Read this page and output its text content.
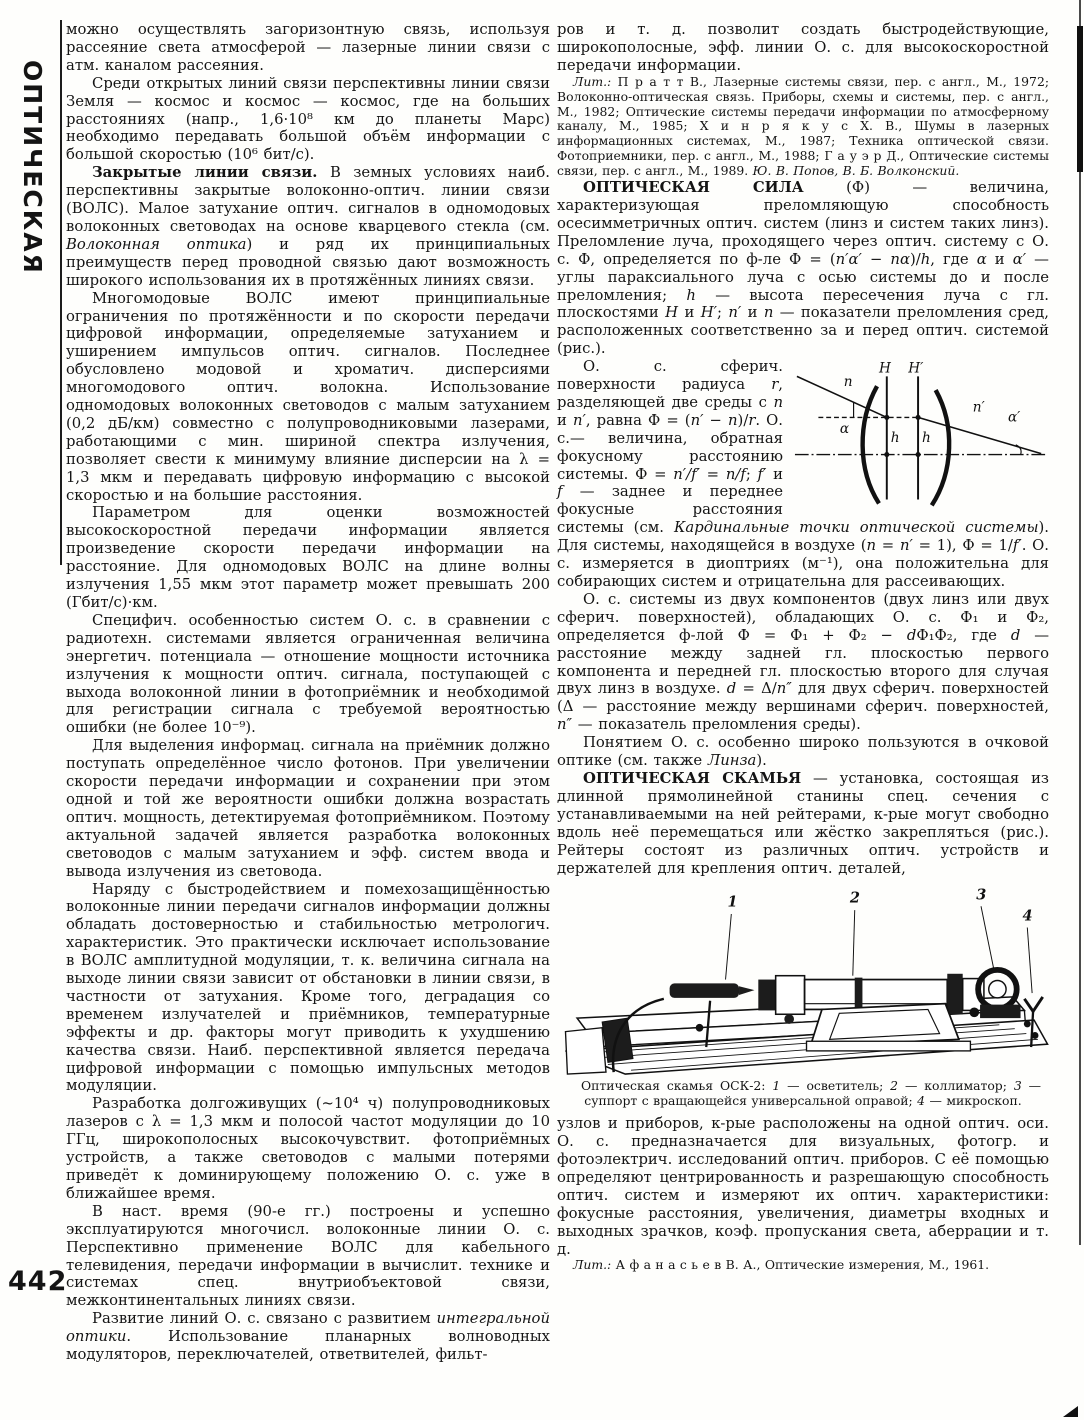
ОПТИЧЕСКАЯ
442

можно осуществлять загоризонтную связь, используя рассеяние света атмосферой — лазерные линии связи с атм. каналом рассеяния.

Среди открытых линий связи перспективны линии связи Земля — космос и космос — космос, где на больших расстояниях (напр., 1,6·10⁸ км до планеты Марс) необходимо передавать большой объём информации с большой скоростью (10⁶ бит/с).

Закрытые линии связи. В земных условиях наиб. перспективны закрытые волоконно-оптич. линии связи (ВОЛС). Малое затухание оптич. сигналов в одномодовых волоконных световодах на основе кварцевого стекла (см. Волоконная оптика) и ряд их принципиальных преимуществ перед проводной связью дают возможность широкого использования их в протяжённых линиях связи.

Многомодовые ВОЛС имеют принципиальные ограничения по протяжённости и по скорости передачи цифровой информации, определяемые затуханием и уширением импульсов оптич. сигналов. Последнее обусловлено модовой и хроматич. дисперсиями многомодового оптич. волокна. Использование одномодовых волоконных световодов с малым затуханием (0,2 дБ/км) совместно с полупроводниковыми лазерами, работающими с мин. шириной спектра излучения, позволяет свести к минимуму влияние дисперсии на λ = 1,3 мкм и передавать цифровую информацию с высокой скоростью и на большие расстояния.

Параметром для оценки возможностей высокоскоростной передачи информации является произведение скорости передачи информации на расстояние. Для одномодовых ВОЛС на длине волны излучения 1,55 мкм этот параметр может превышать 200 (Гбит/с)·км.

Специфич. особенностью систем О. с. в сравнении с радиотехн. системами является ограниченная величина энергетич. потенциала — отношение мощности источника излучения к мощности оптич. сигнала, поступающей с выхода волоконной линии в фотоприёмник и необходимой для регистрации сигнала с требуемой вероятностью ошибки (не более 10⁻⁹).

Для выделения информац. сигнала на приёмник должно поступать определённое число фотонов. При увеличении скорости передачи информации и сохранении при этом одной и той же вероятности ошибки должна возрастать оптич. мощность, детектируемая фотоприёмником. Поэтому актуальной задачей является разработка волоконных световодов с малым затуханием и эфф. систем ввода и вывода излучения из световода.

Наряду с быстродействием и помехозащищённостью волоконные линии передачи сигналов информации должны обладать достоверностью и стабильностью метрологич. характеристик. Это практически исключает использование в ВОЛС амплитудной модуляции, т. к. величина сигнала на выходе линии связи зависит от обстановки в линии связи, в частности от затухания. Кроме того, деградация со временем излучателей и приёмников, температурные эффекты и др. факторы могут приводить к ухудшению качества связи. Наиб. перспективной является передача цифровой информации с помощью импульсных методов модуляции.

Разработка долгоживущих (~10⁴ ч) полупроводниковых лазеров с λ = 1,3 мкм и полосой частот модуляции до 10 ГГц, широкополосных высокочувствит. фотоприёмных устройств, а также световодов с малыми потерями приведёт к доминирующему положению О. с. уже в ближайшее время.

В наст. время (90-е гг.) построены и успешно эксплуатируются многочисл. волоконные линии О. с. Перспективно применение ВОЛС для кабельного телевидения, передачи информации в вычислит. технике и системах спец. внутриобъектовой связи, межконтинентальных линиях связи.

Развитие линий О. с. связано с развитием интегральной оптики. Использование планарных волноводных модуляторов, переключателей, ответвителей, фильт-

ров и т. д. позволит создать быстродействующие, широкополосные, эфф. линии О. с. для высокоскоростной передачи информации.

Лит.: П р а т т В., Лазерные системы связи, пер. с англ., М., 1972; Волоконно-оптическая связь. Приборы, схемы и системы, пер. с англ., М., 1982; Оптические системы передачи информации по атмосферному каналу, М., 1985; Х и н р я к у с Х. В., Шумы в лазерных информационных системах, М., 1987; Техника оптической связи. Фотоприемники, пер. с англ., М., 1988; Г а у э р Д., Оптические системы связи, пер. с англ., М., 1989. Ю. В. Попов, В. Б. Волконский.

ОПТИЧЕСКАЯ СИЛА (Ф) — величина, характеризующая преломляющую способность осесимметричных оптич. систем (линз и систем таких линз). Преломление луча, проходящего через оптич. систему с О. с. Ф, определяется по ф-ле Ф = (n′α′ − nα)/h, где α и α′ — углы параксиального луча с осью системы до и после преломления; h — высота пересечения луча с гл. плоскостями H и H′; n′ и n — показатели преломления сред, расположенных соответственно за и перед оптич. системой (рис.).

n
H H′
α
h h
n′
α′
О. с. сферич. поверхности радиуса r, разделяющей две среды с n и n′, равна Ф = (n′ − n)/r. О. с.— величина, обратная фокусному расстоянию системы. Ф = n′/f′ = n/f; f′ и f — заднее и переднее фокусные расстояния системы (см. Кардинальные точки оптической системы). Для системы, находящейся в воздухе (n = n′ = 1), Ф = 1/f′. О. с. измеряется в диоптриях (м⁻¹), она положительна для собирающих систем и отрицательна для рассеивающих.

О. с. системы из двух компонентов (двух линз или двух сферич. поверхностей), обладающих О. с. Ф₁ и Ф₂, определяется ф-лой Ф = Ф₁ + Ф₂ − dФ₁Ф₂, где d — расстояние между задней гл. плоскостью первого компонента и передней гл. плоскостью второго для случая двух линз в воздухе. d = Δ/n″ для двух сферич. поверхностей (Δ — расстояние между вершинами сферич. поверхностей, n″ — показатель преломления среды).

Понятием О. с. особенно широко пользуются в очковой оптике (см. также Линза).

ОПТИЧЕСКАЯ СКАМЬЯ — установка, состоящая из длинной прямолинейной станины спец. сечения с устанавливаемыми на ней рейтерами, к-рые могут свободно вдоль неё перемещаться или жёстко закрепляться (рис.). Рейтеры состоят из различных оптич. устройств и держателей для крепления оптич. деталей,

1	2	3
4

Оптическая скамья ОСК-2: 1 — осветитель; 2 — коллиматор; 3 — суппорт с вращающейся универсальной оправой; 4 — микроскоп.

узлов и приборов, к-рые расположены на одной оптич. оси. О. с. предназначается для визуальных, фотогр. и фотоэлектрич. исследований оптич. приборов. С её помощью определяют центрированность и разрешающую способность оптич. систем и измеряют их оптич. характеристики: фокусные расстояния, увеличения, диаметры входных и выходных зрачков, коэф. пропускания света, аберрации и т. д.

Лит.: А ф а н а с ь е в В. А., Оптические измерения, М., 1961.
